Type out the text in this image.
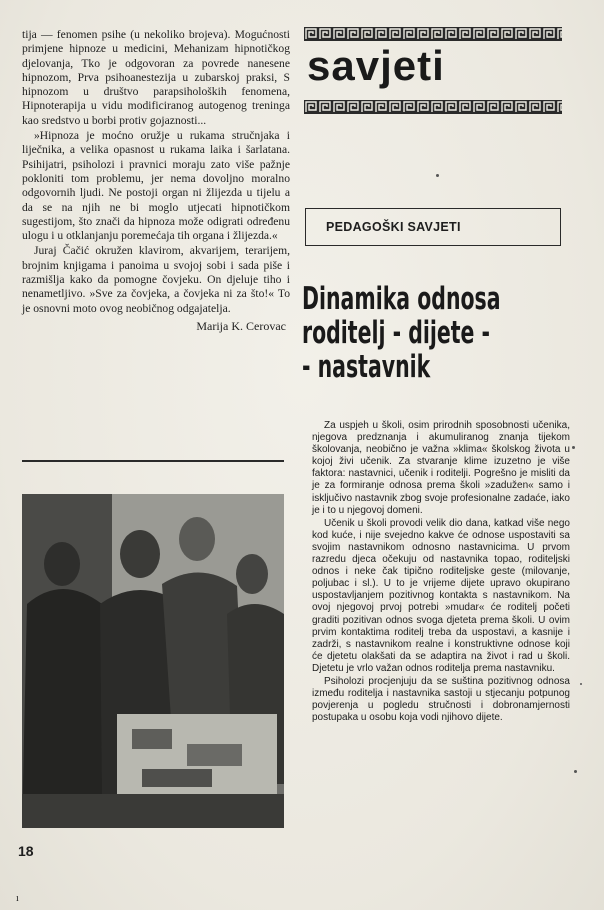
tija — fenomen psihe (u nekoliko brojeva). Mogućnosti primjene hipnoze u medicini, Mehanizam hipnotičkog djelovanja, Tko je odgovoran za povrede nanesene hipnozom, Prva psihoanestezija u zubarskoj praksi, S hipnozom u društvo parapsiholoških fenomena, Hipnoterapija u vidu modificiranog autogenog treninga kao sredstvo u borbi protiv gojaznosti...

»Hipnoza je moćno oružje u rukama stručnjaka i liječnika, a velika opasnost u rukama laika i šarlatana. Psihijatri, psiholozi i pravnici moraju zato više pažnje pokloniti tom problemu, jer nema dovoljno moralno odgovornih ljudi. Ne postoji organ ni žlijezda u tijelu a da se na njih ne bi moglo utjecati hipnotičkom sugestijom, što znači da hipnoza može odigrati određenu ulogu i u otklanjanju poremećaja tih organa i žlijezda.«

Juraj Čačić okružen klavirom, akvarijem, terarijem, brojnim knjigama i panoima u svojoj sobi i sada piše i razmišlja kako da pomogne čovjeku. On djeluje tiho i nenametljivo. »Sve za čovjeka, a čovjeka ni za što!« To je osnovni moto ovog neobičnog odgajatelja.

Marija K. Cerovac
18
ı
savjeti
PEDAGOŠKI SAVJETI
Dinamika odnosa
roditelj - dijete -
- nastavnik

Za uspjeh u školi, osim prirodnih sposobnosti učenika, njegova predznanja i akumuliranog znanja tijekom školovanja, neobično je važna »klima« školskog života u kojoj živi učenik. Za stvaranje klime izuzetno je više faktora: nastavnici, učenik i roditelji. Pogrešno je misliti da je za formiranje odnosa prema školi »zadužen« samo i isključivo nastavnik zbog svoje profesionalne zadaće, iako je i to u njegovoj domeni.

Učenik u školi provodi velik dio dana, katkad više nego kod kuće, i nije svejedno kakve će odnose uspostaviti sa svojim nastavnikom odnosno nastavnicima. U prvom razredu djeca očekuju od nastavnika topao, roditeljski odnos i neke čak tipično roditeljske geste (milovanje, poljubac i sl.). U to je vrijeme dijete upravo okupirano uspostavljanjem pozitivnog kontakta s nastavnikom. Na ovoj njegovoj prvoj potrebi »mudar« će roditelj početi graditi pozitivan odnos svoga djeteta prema školi. U ovim prvim kontaktima roditelj treba da uspostavi, a kasnije i zadrži, s nastavnikom realne i konstruktivne odnose koji će djetetu olakšati da se adaptira na život i rad u školi. Djetetu je vrlo važan odnos roditelja prema nastavniku.

Psiholozi procjenjuju da se suština pozitivnog odnosa između roditelja i nastavnika sastoji u stjecanju potpunog povjerenja u pogledu stručnosti i dobronamjernosti postupaka u osobu koja vodi njihovo dijete.
